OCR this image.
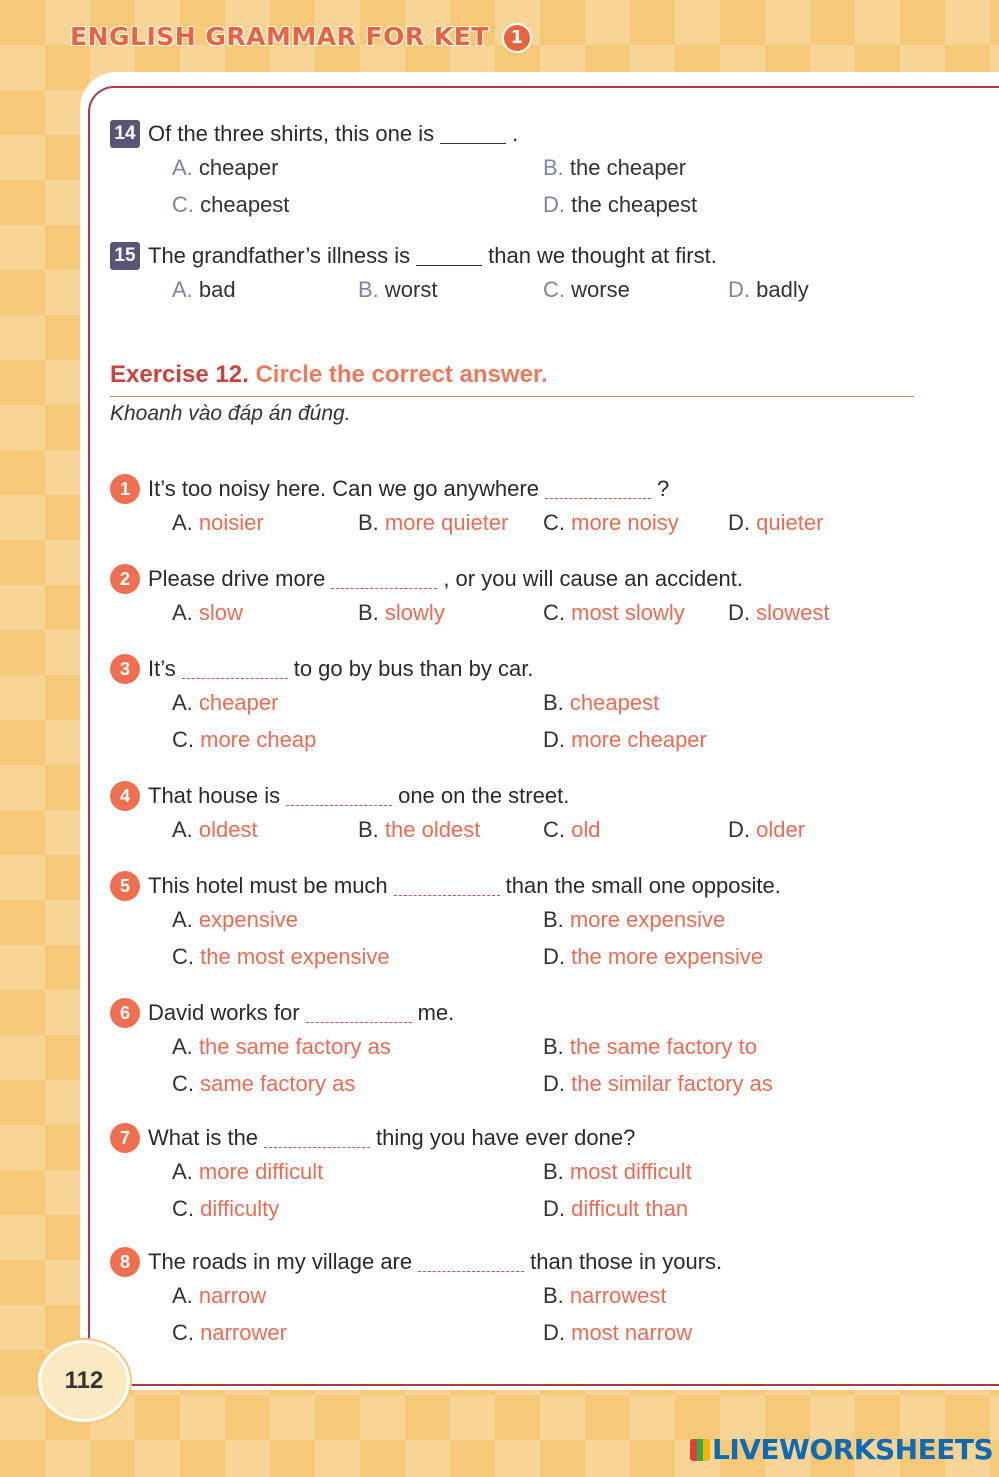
ENGLISH GRAMMAR FOR KET 1
14 Of the three shirts, this one is	.
A. cheaper	B. the cheaper
C. cheapest	D. the cheapest
15 The grandfather’s illness is	than we thought at first.
A. bad	B. worst	C. worse	D. badly
Exercise 12. Circle the correct answer.
Khoanh vào đáp án đúng.
1 It’s too noisy here. Can we go anywhere	?
A. noisier	B. more quieter C. more noisy D. quieter
2 Please drive more	, or you will cause an accident.
A. slow	B. slowly	C. most slowly D. slowest
3 It’s	to go by bus than by car.
A. cheaper	B. cheapest
C. more cheap	D. more cheaper
4 That house is	one on the street.
A. oldest	B. the oldest	C. old	D. older
5 This hotel must be much	than the small one opposite.
A. expensive	B. more expensive
C. the most expensive	D. the more expensive
6 David works for	me.
A. the same factory as	B. the same factory to
C. same factory as	D. the similar factory as
7 What is the	thing you have ever done?
A. more difficult	B. most difficult
C. difficulty	D. difficult than
8 The roads in my village are	than those in yours.
A. narrow	B. narrowest
C. narrower	D. most narrow
112
LIVEWORKSHEETS
